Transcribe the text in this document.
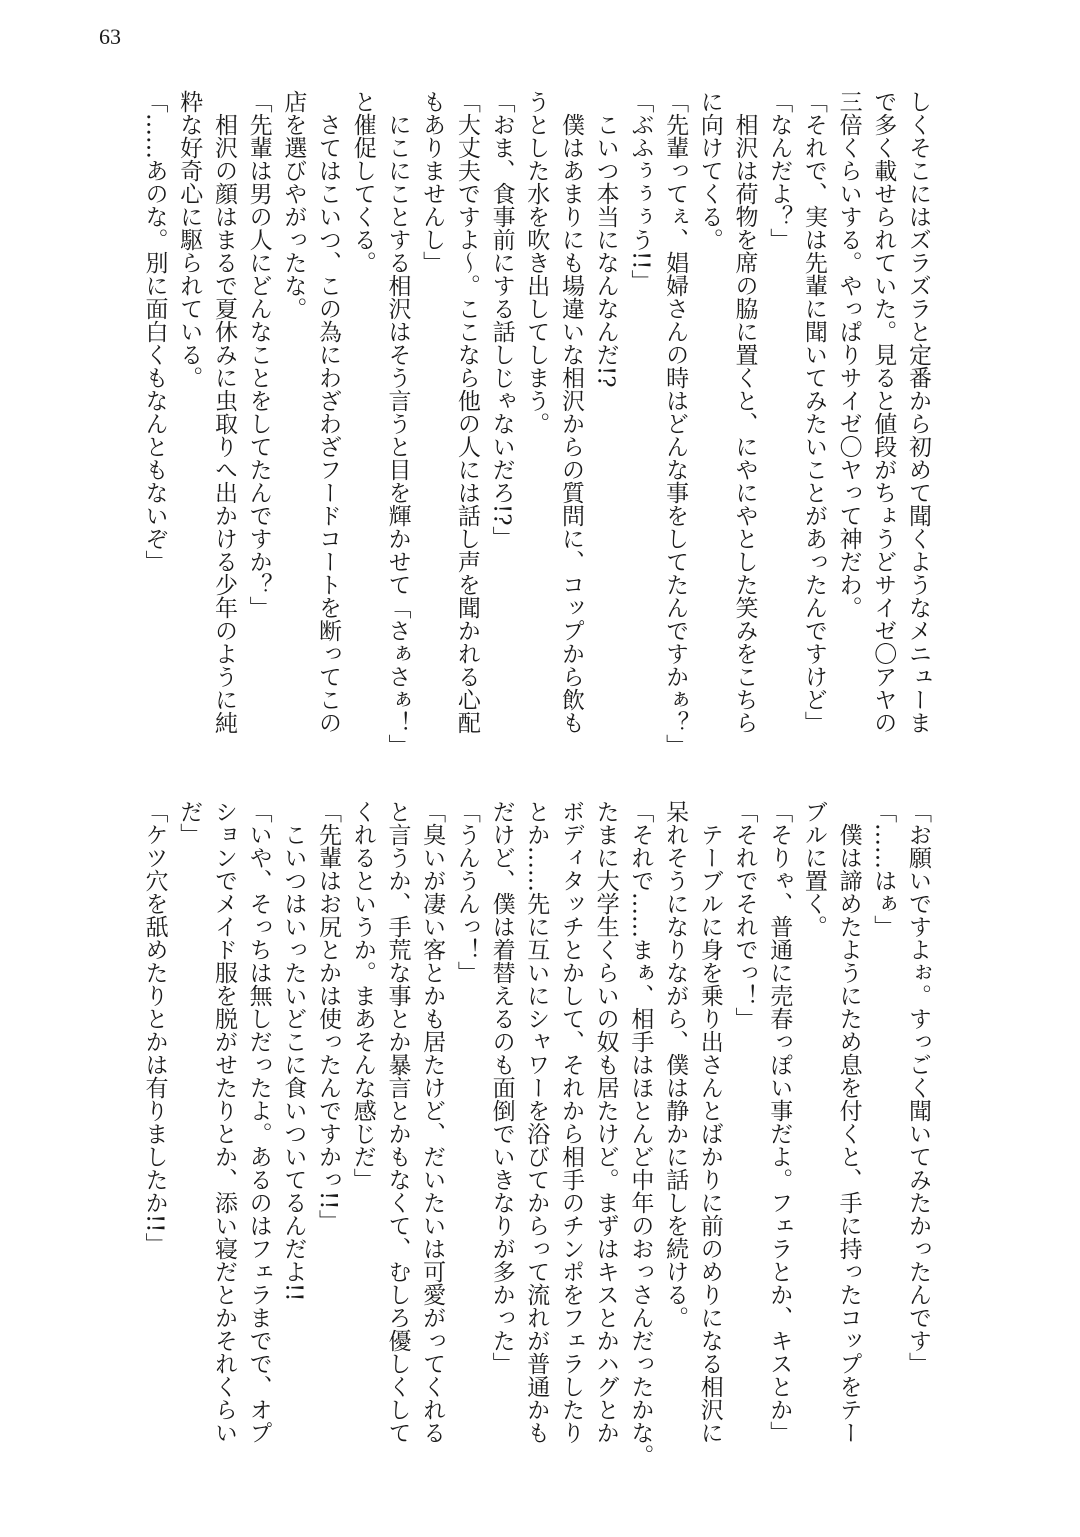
63
しくそこにはズラズラと定番から初めて聞くようなメニューま
で多く載せられていた。見ると値段がちょうどサイゼ〇アヤの
三倍くらいする。やっぱりサイゼ〇ヤって神だわ。
「それで、実は先輩に聞いてみたいことがあったんですけど」
「なんだよ？」
　相沢は荷物を席の脇に置くと、にやにやとした笑みをこちら
に向けてくる。
「先輩ってぇ、娼婦さんの時はどんな事をしてたんですかぁ？」
「ぶふぅぅぅう!!」
　こいつ本当になんなんだ!?
　僕はあまりにも場違いな相沢からの質問に、コップから飲も
うとした水を吹き出してしまう。
「おま、食事前にする話しじゃないだろ!?」
「大丈夫ですよ〜。ここなら他の人には話し声を聞かれる心配
もありませんし」
　にこにことする相沢はそう言うと目を輝かせて「さぁさぁ！」
と催促してくる。
　さてはこいつ、この為にわざわざフードコートを断ってこの
店を選びやがったな。
「先輩は男の人にどんなことをしてたんですか？」
　相沢の顔はまるで夏休みに虫取りへ出かける少年のように純
粋な好奇心に駆られている。
「……あのな。別に面白くもなんともないぞ」
「お願いですよぉ。すっごく聞いてみたかったんです」
「……はぁ」
　僕は諦めたようにため息を付くと、手に持ったコップをテー
ブルに置く。
「そりゃ、普通に売春っぽい事だよ。フェラとか、キスとか」
「それでそれでっ！」
　テーブルに身を乗り出さんとばかりに前のめりになる相沢に
呆れそうになりながら、僕は静かに話しを続ける。
「それで……まぁ、相手はほとんど中年のおっさんだったかな。
たまに大学生くらいの奴も居たけど。まずはキスとかハグとか
ボディタッチとかして、それから相手のチンポをフェラしたり
とか……先に互いにシャワーを浴びてからって流れが普通かも
だけど、僕は着替えるのも面倒でいきなりが多かった」
「うんうんっ！」
「臭いが凄い客とかも居たけど、だいたいは可愛がってくれる
と言うか、手荒な事とか暴言とかもなくて、むしろ優しくして
くれるというか。まあそんな感じだ」
「先輩はお尻とかは使ったんですかっ!!」
　こいつはいったいどこに食いついてるんだよ!!
「いや、そっちは無しだったよ。あるのはフェラまでで、オプ
ションでメイド服を脱がせたりとか、添い寝だとかそれくらい
だ」
「ケツ穴を舐めたりとかは有りましたか!!」
